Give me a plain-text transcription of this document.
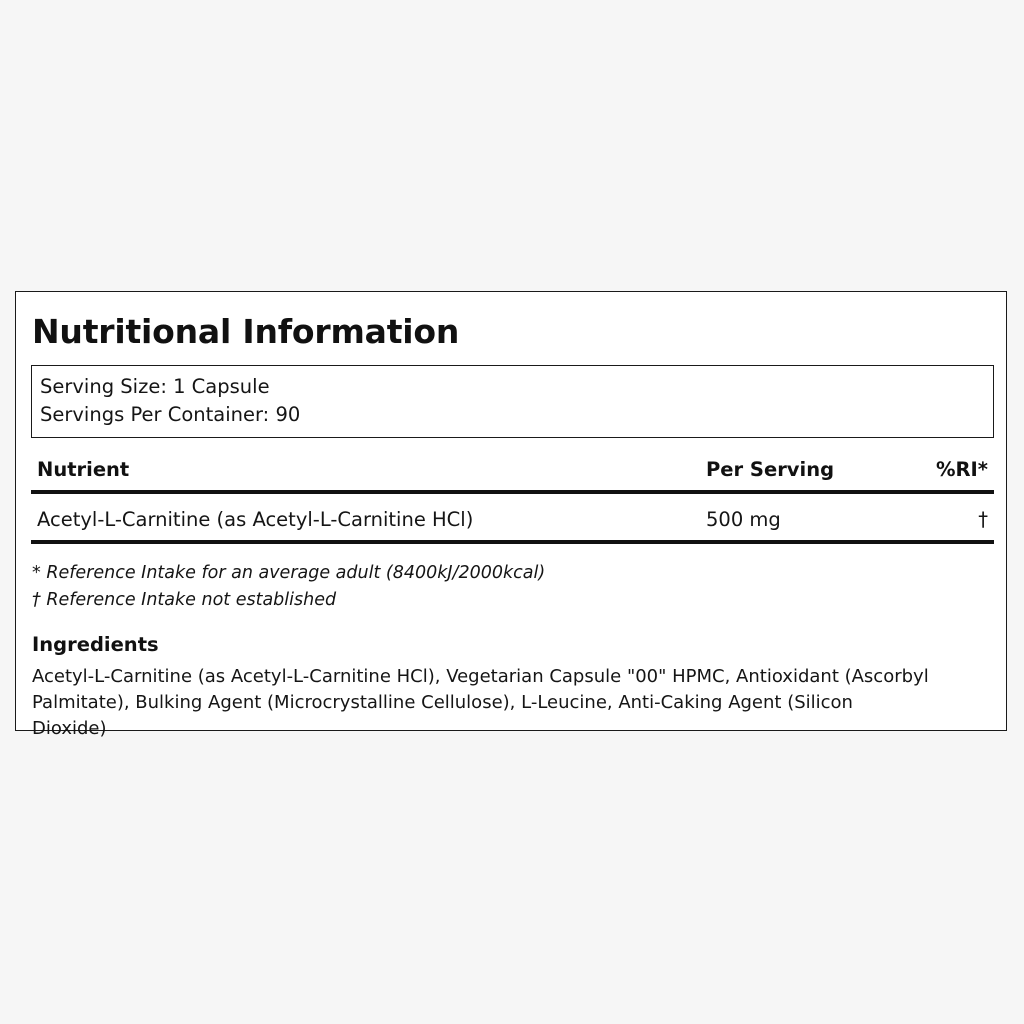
Nutritional Information
Serving Size: 1 Capsule
Servings Per Container: 90
Nutrient	Per Serving	%RI*
Acetyl-L-Carnitine (as Acetyl-L-Carnitine HCl)	500 mg	†
* Reference Intake for an average adult (8400kJ/2000kcal)
† Reference Intake not established
Ingredients

Acetyl-L-Carnitine (as Acetyl-L-Carnitine HCl), Vegetarian Capsule "00" HPMC, Antioxidant (Ascorbyl Palmitate), Bulking Agent (Microcrystalline Cellulose), L-Leucine, Anti-Caking Agent (Silicon Dioxide)
